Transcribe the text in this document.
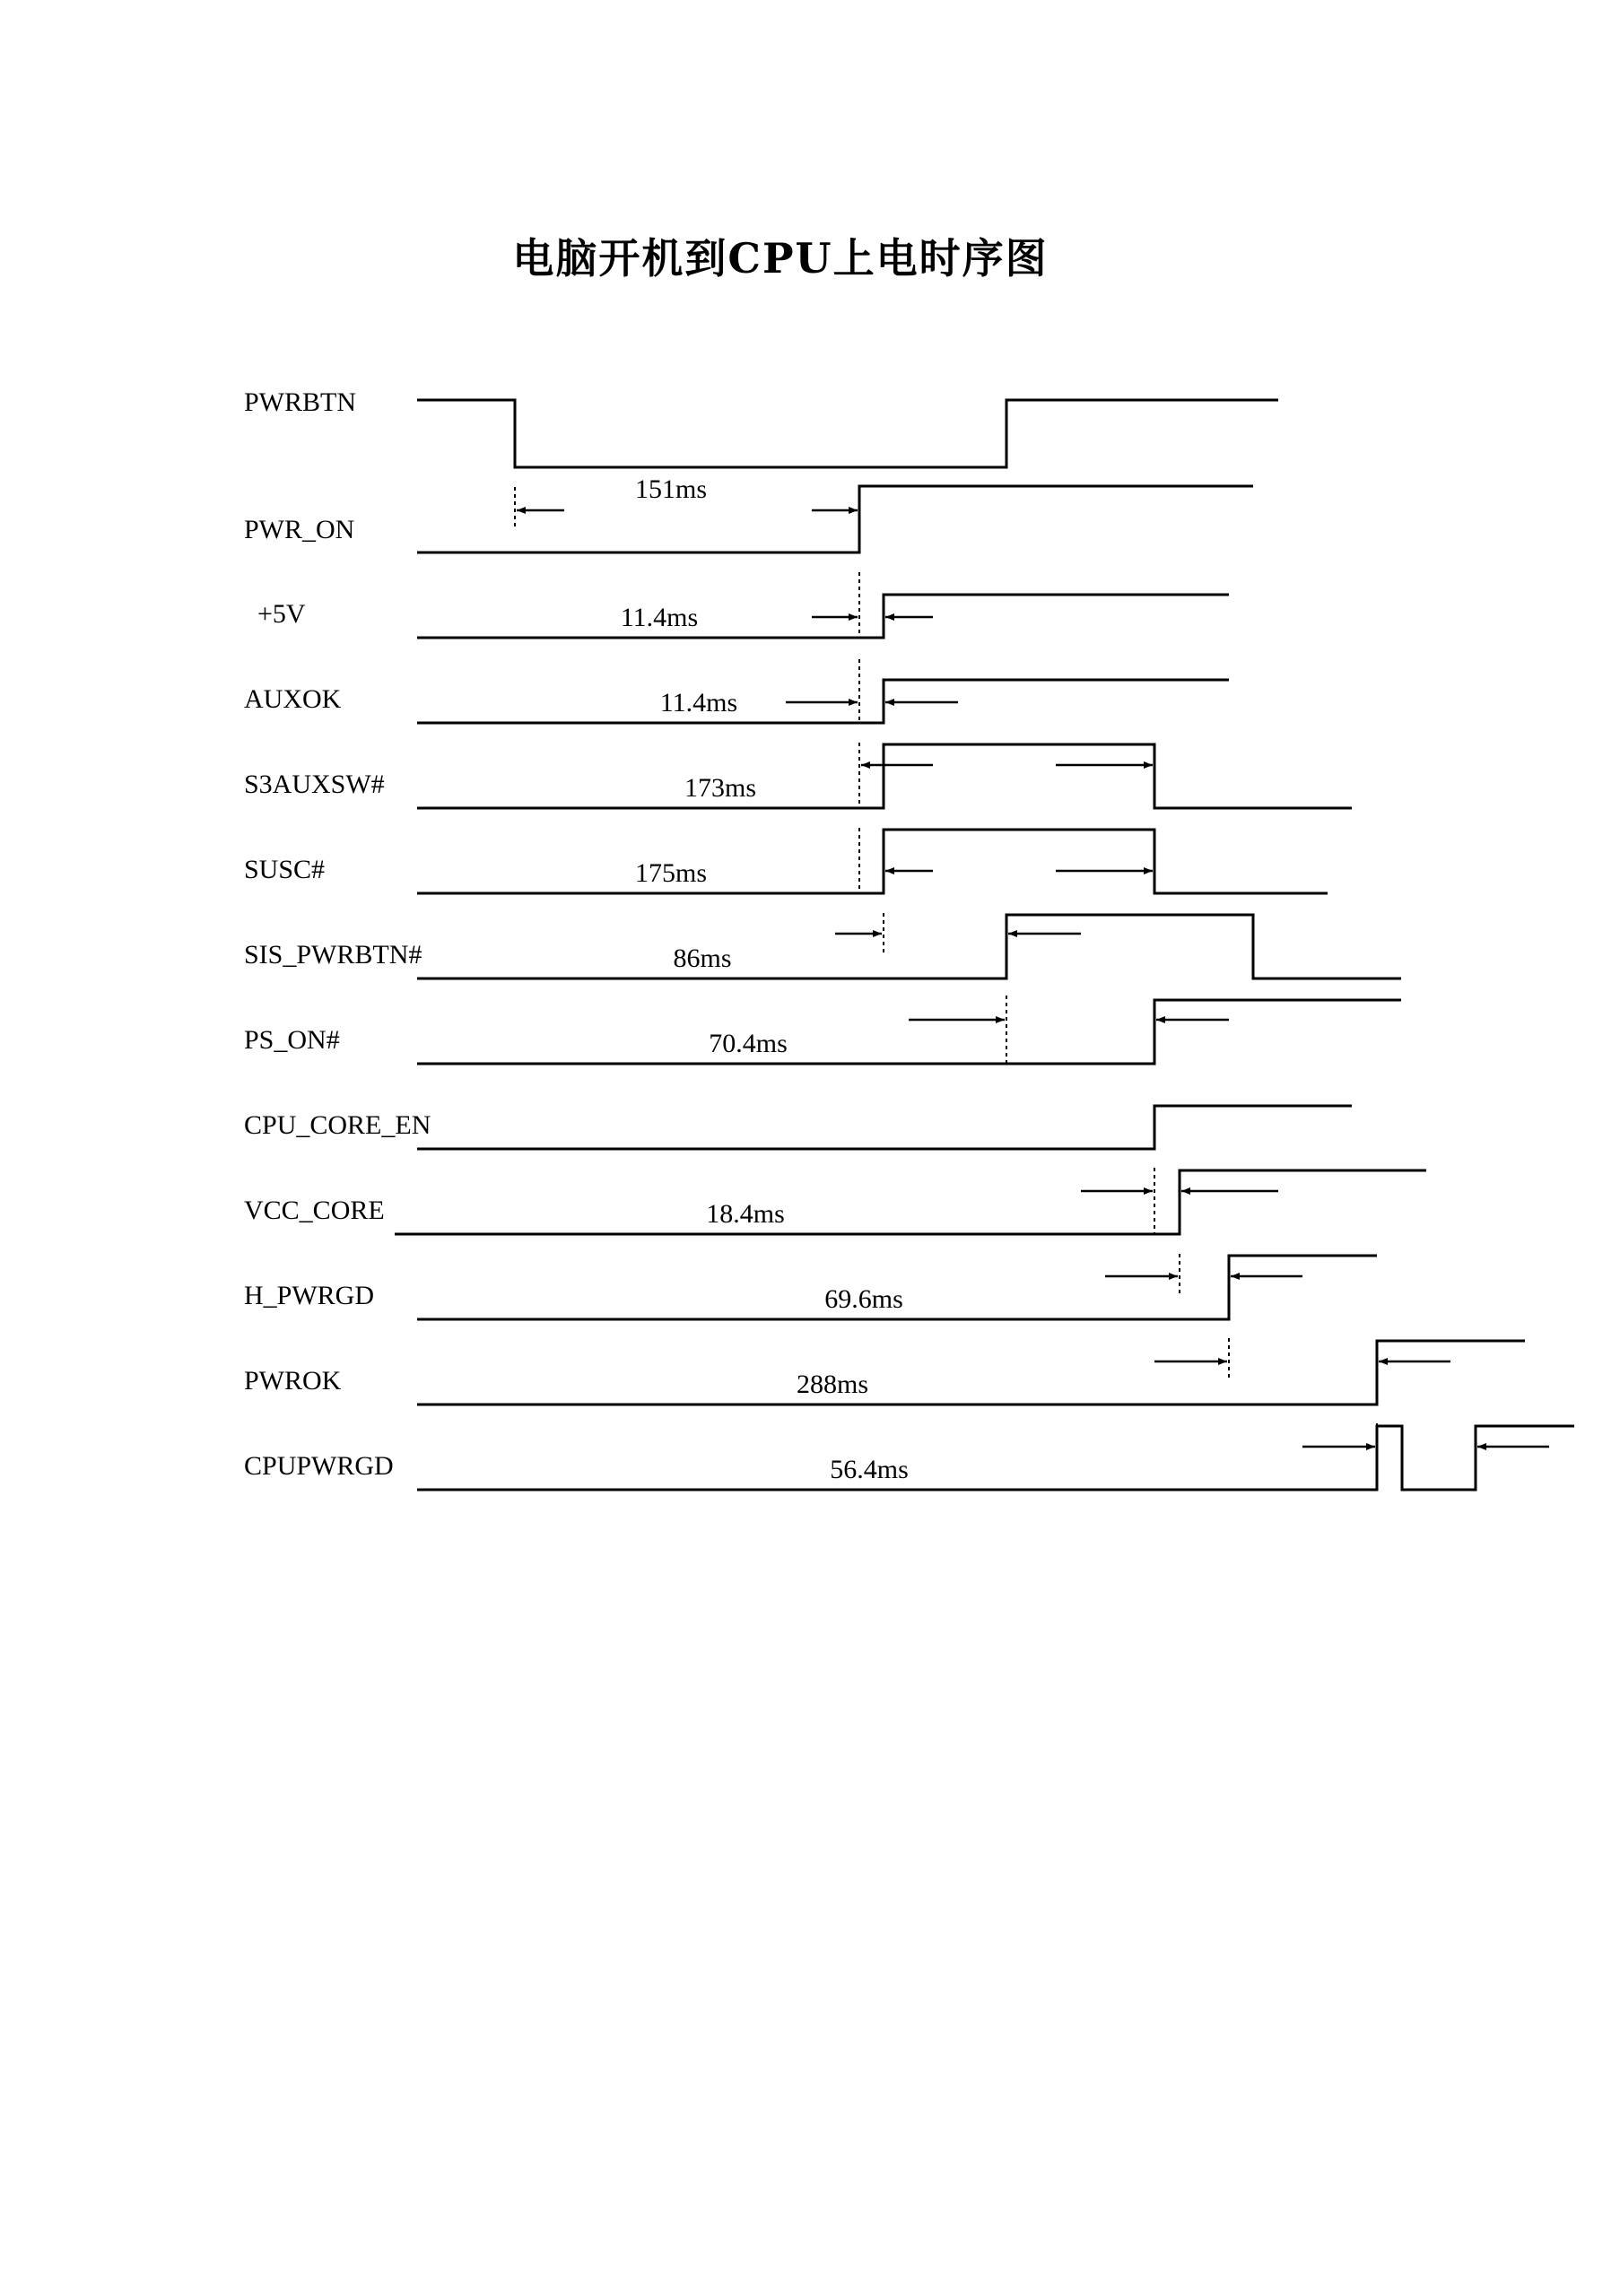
电脑开机到CPU上电时序图
PWRBTN
PWR_ON
+5V
AUXOK
S3AUXSW#
SUSC#
SIS_PWRBTN#
PS_ON#
CPU_CORE_EN
VCC_CORE
H_PWRGD
PWROK
CPUPWRGD
151ms
11.4ms
11.4ms
173ms
175ms
86ms
70.4ms
18.4ms
69.6ms
288ms
56.4ms
